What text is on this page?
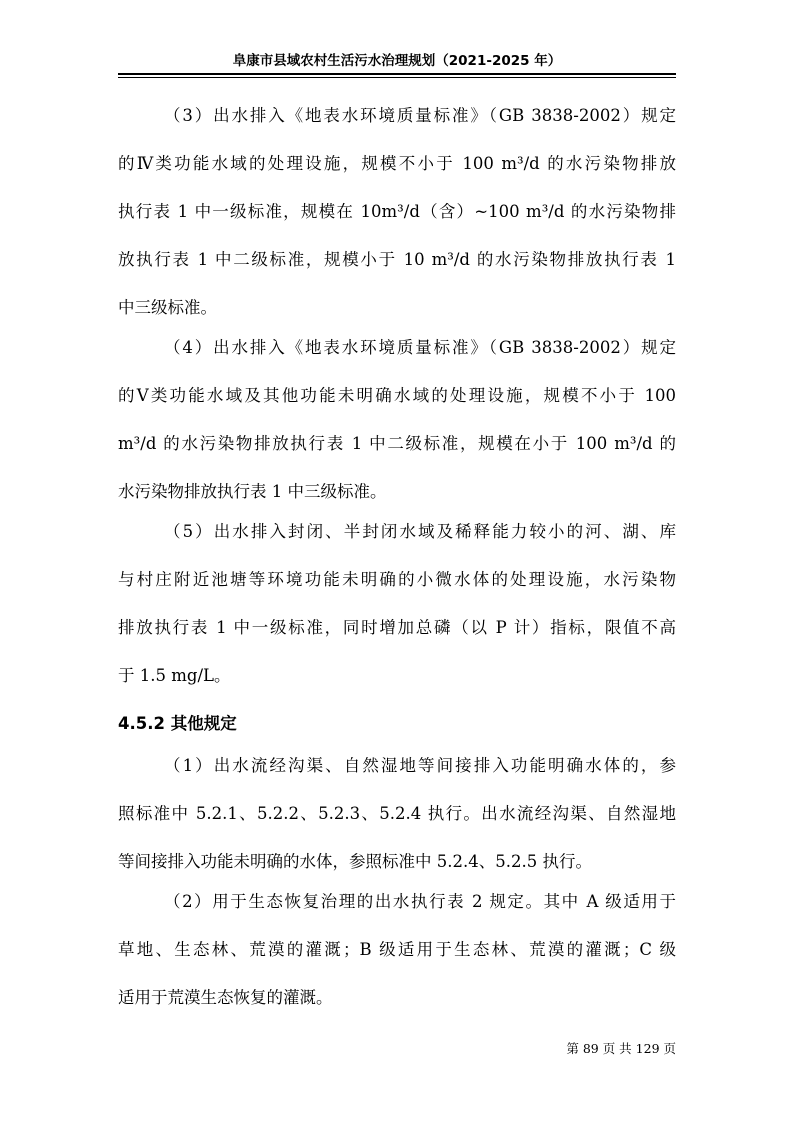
阜康市县域农村生活污水治理规划（2021-2025 年）
（3）出水排入《地表水环境质量标准》（GB 3838-2002）规定
的Ⅳ类功能水域的处理设施，规模不小于 100 m³/d 的水污染物排放
执行表 1 中一级标准，规模在 10m³/d（含）~100 m³/d 的水污染物排
放执行表 1 中二级标准，规模小于 10 m³/d 的水污染物排放执行表 1
中三级标准。
（4）出水排入《地表水环境质量标准》（GB 3838-2002）规定
的Ⅴ类功能水域及其他功能未明确水域的处理设施，规模不小于 100
m³/d 的水污染物排放执行表 1 中二级标准，规模在小于 100 m³/d 的
水污染物排放执行表 1 中三级标准。
（5）出水排入封闭、半封闭水域及稀释能力较小的河、湖、库
与村庄附近池塘等环境功能未明确的小微水体的处理设施，水污染物
排放执行表 1 中一级标准，同时增加总磷（以 P 计）指标，限值不高
于 1.5 mg/L。
4.5.2 其他规定
（1）出水流经沟渠、自然湿地等间接排入功能明确水体的，参
照标准中 5.2.1、5.2.2、5.2.3、5.2.4 执行。出水流经沟渠、自然湿地
等间接排入功能未明确的水体，参照标准中 5.2.4、5.2.5 执行。
（2）用于生态恢复治理的出水执行表 2 规定。其中 A 级适用于
草地、生态林、荒漠的灌溉；B 级适用于生态林、荒漠的灌溉；C 级
适用于荒漠生态恢复的灌溉。
第 89 页 共 129 页
